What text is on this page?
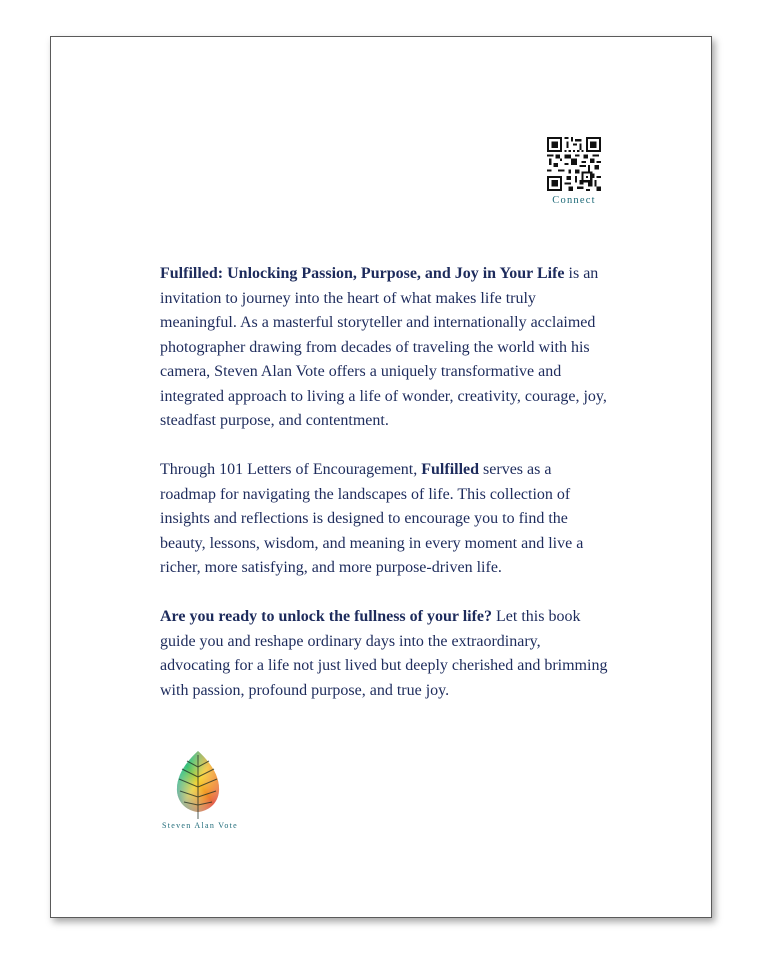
Connect

Fulfilled: Unlocking Passion, Purpose, and Joy in Your Life is an invitation to journey into the heart of what makes life truly meaningful. As a masterful storyteller and internationally acclaimed photographer drawing from decades of traveling the world with his camera, Steven Alan Vote offers a uniquely transformative and integrated approach to living a life of wonder, creativity, courage, joy, steadfast purpose, and contentment.

Through 101 Letters of Encouragement, Fulfilled serves as a roadmap for navigating the landscapes of life. This collection of insights and reflections is designed to encourage you to find the beauty, lessons, wisdom, and meaning in every moment and live a richer, more satisfying, and more purpose-driven life.

Are you ready to unlock the fullness of your life? Let this book guide you and reshape ordinary days into the extraordinary, advocating for a life not just lived but deeply cherished and brimming with passion, profound purpose, and true joy.

Steven Alan Vote
